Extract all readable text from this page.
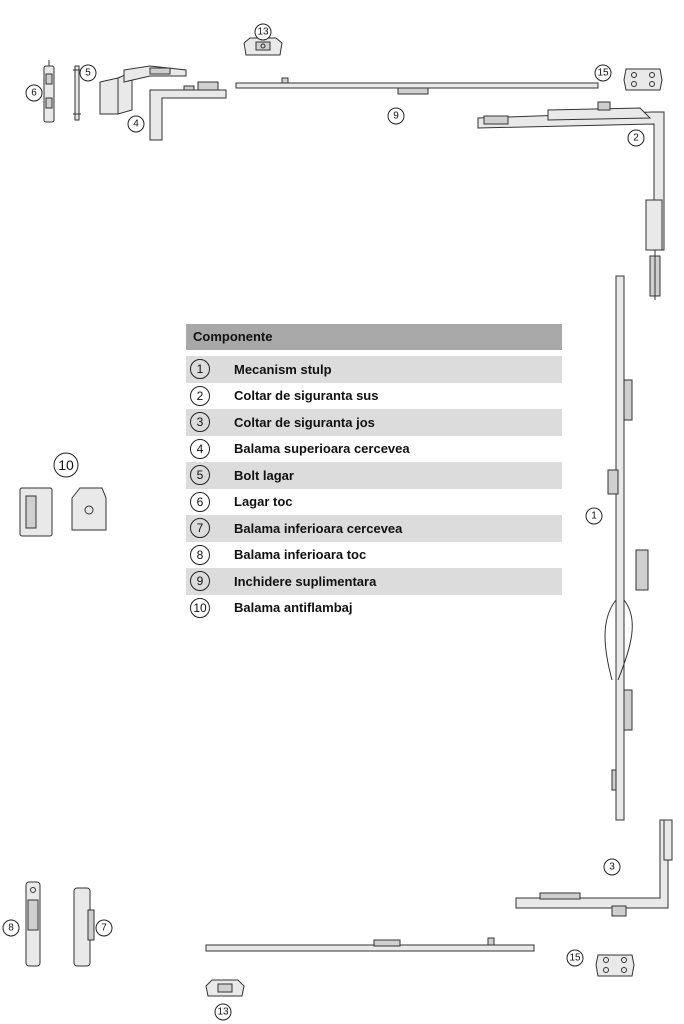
13
6
5
4
9
15
2
10
1
3
8	7
15
13
Componente
1	Mecanism stulp
2	Coltar de siguranta sus
3	Coltar de siguranta jos
4	Balama superioara cercevea
5	Bolt lagar
6	Lagar toc
7	Balama inferioara cercevea
8	Balama inferioara toc
9	Inchidere suplimentara
10 Balama antiflambaj
